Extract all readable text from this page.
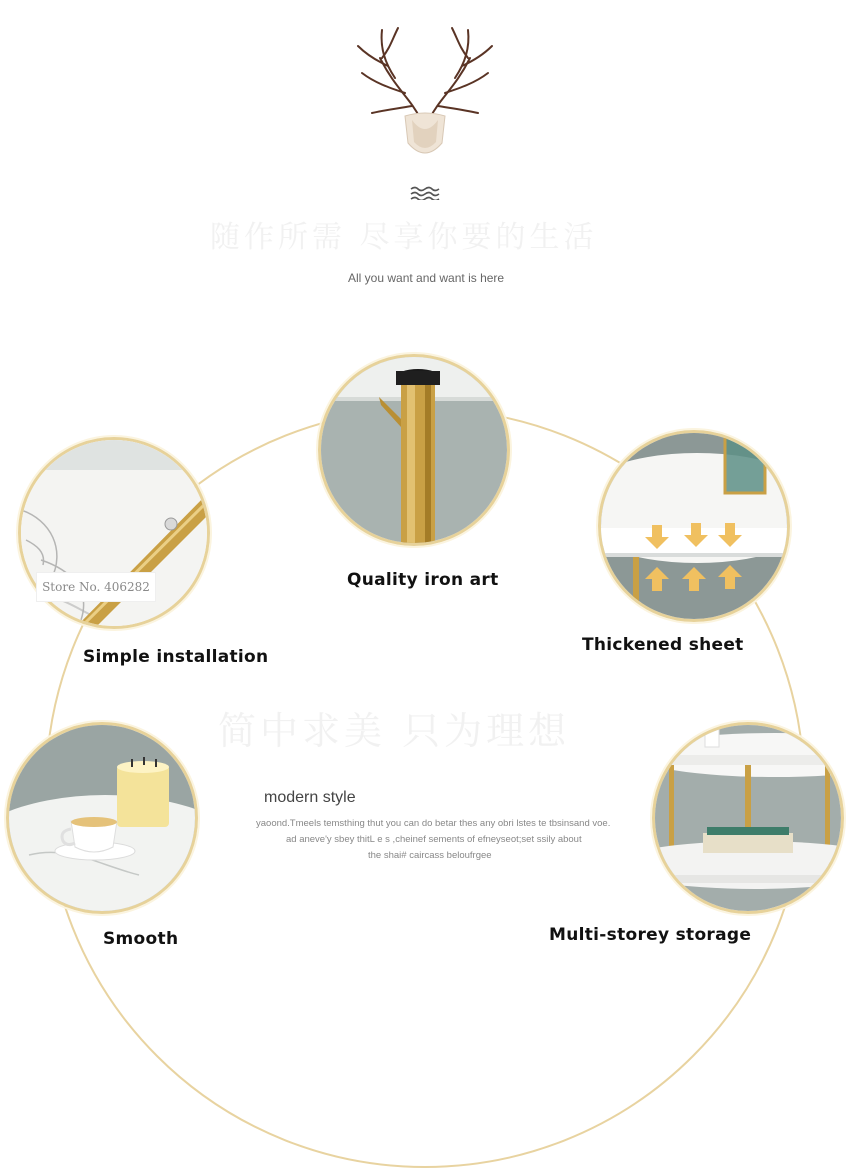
随作所需 尽享你要的生活
All you want and want is here
Store No. 406282	Quality iron art
Simple installation
Thickened sheet
Smooth	Multi-storey storage
简中求美 只为理想
modern style
yaoond.Tmeels temsthing thut you can do betar thes any obri lstes te tbsinsand voe.
ad aneve'y sbey thitL e s ,cheinef sements of efneyseot;set ssily about
the shai# caircass beloufrgee
